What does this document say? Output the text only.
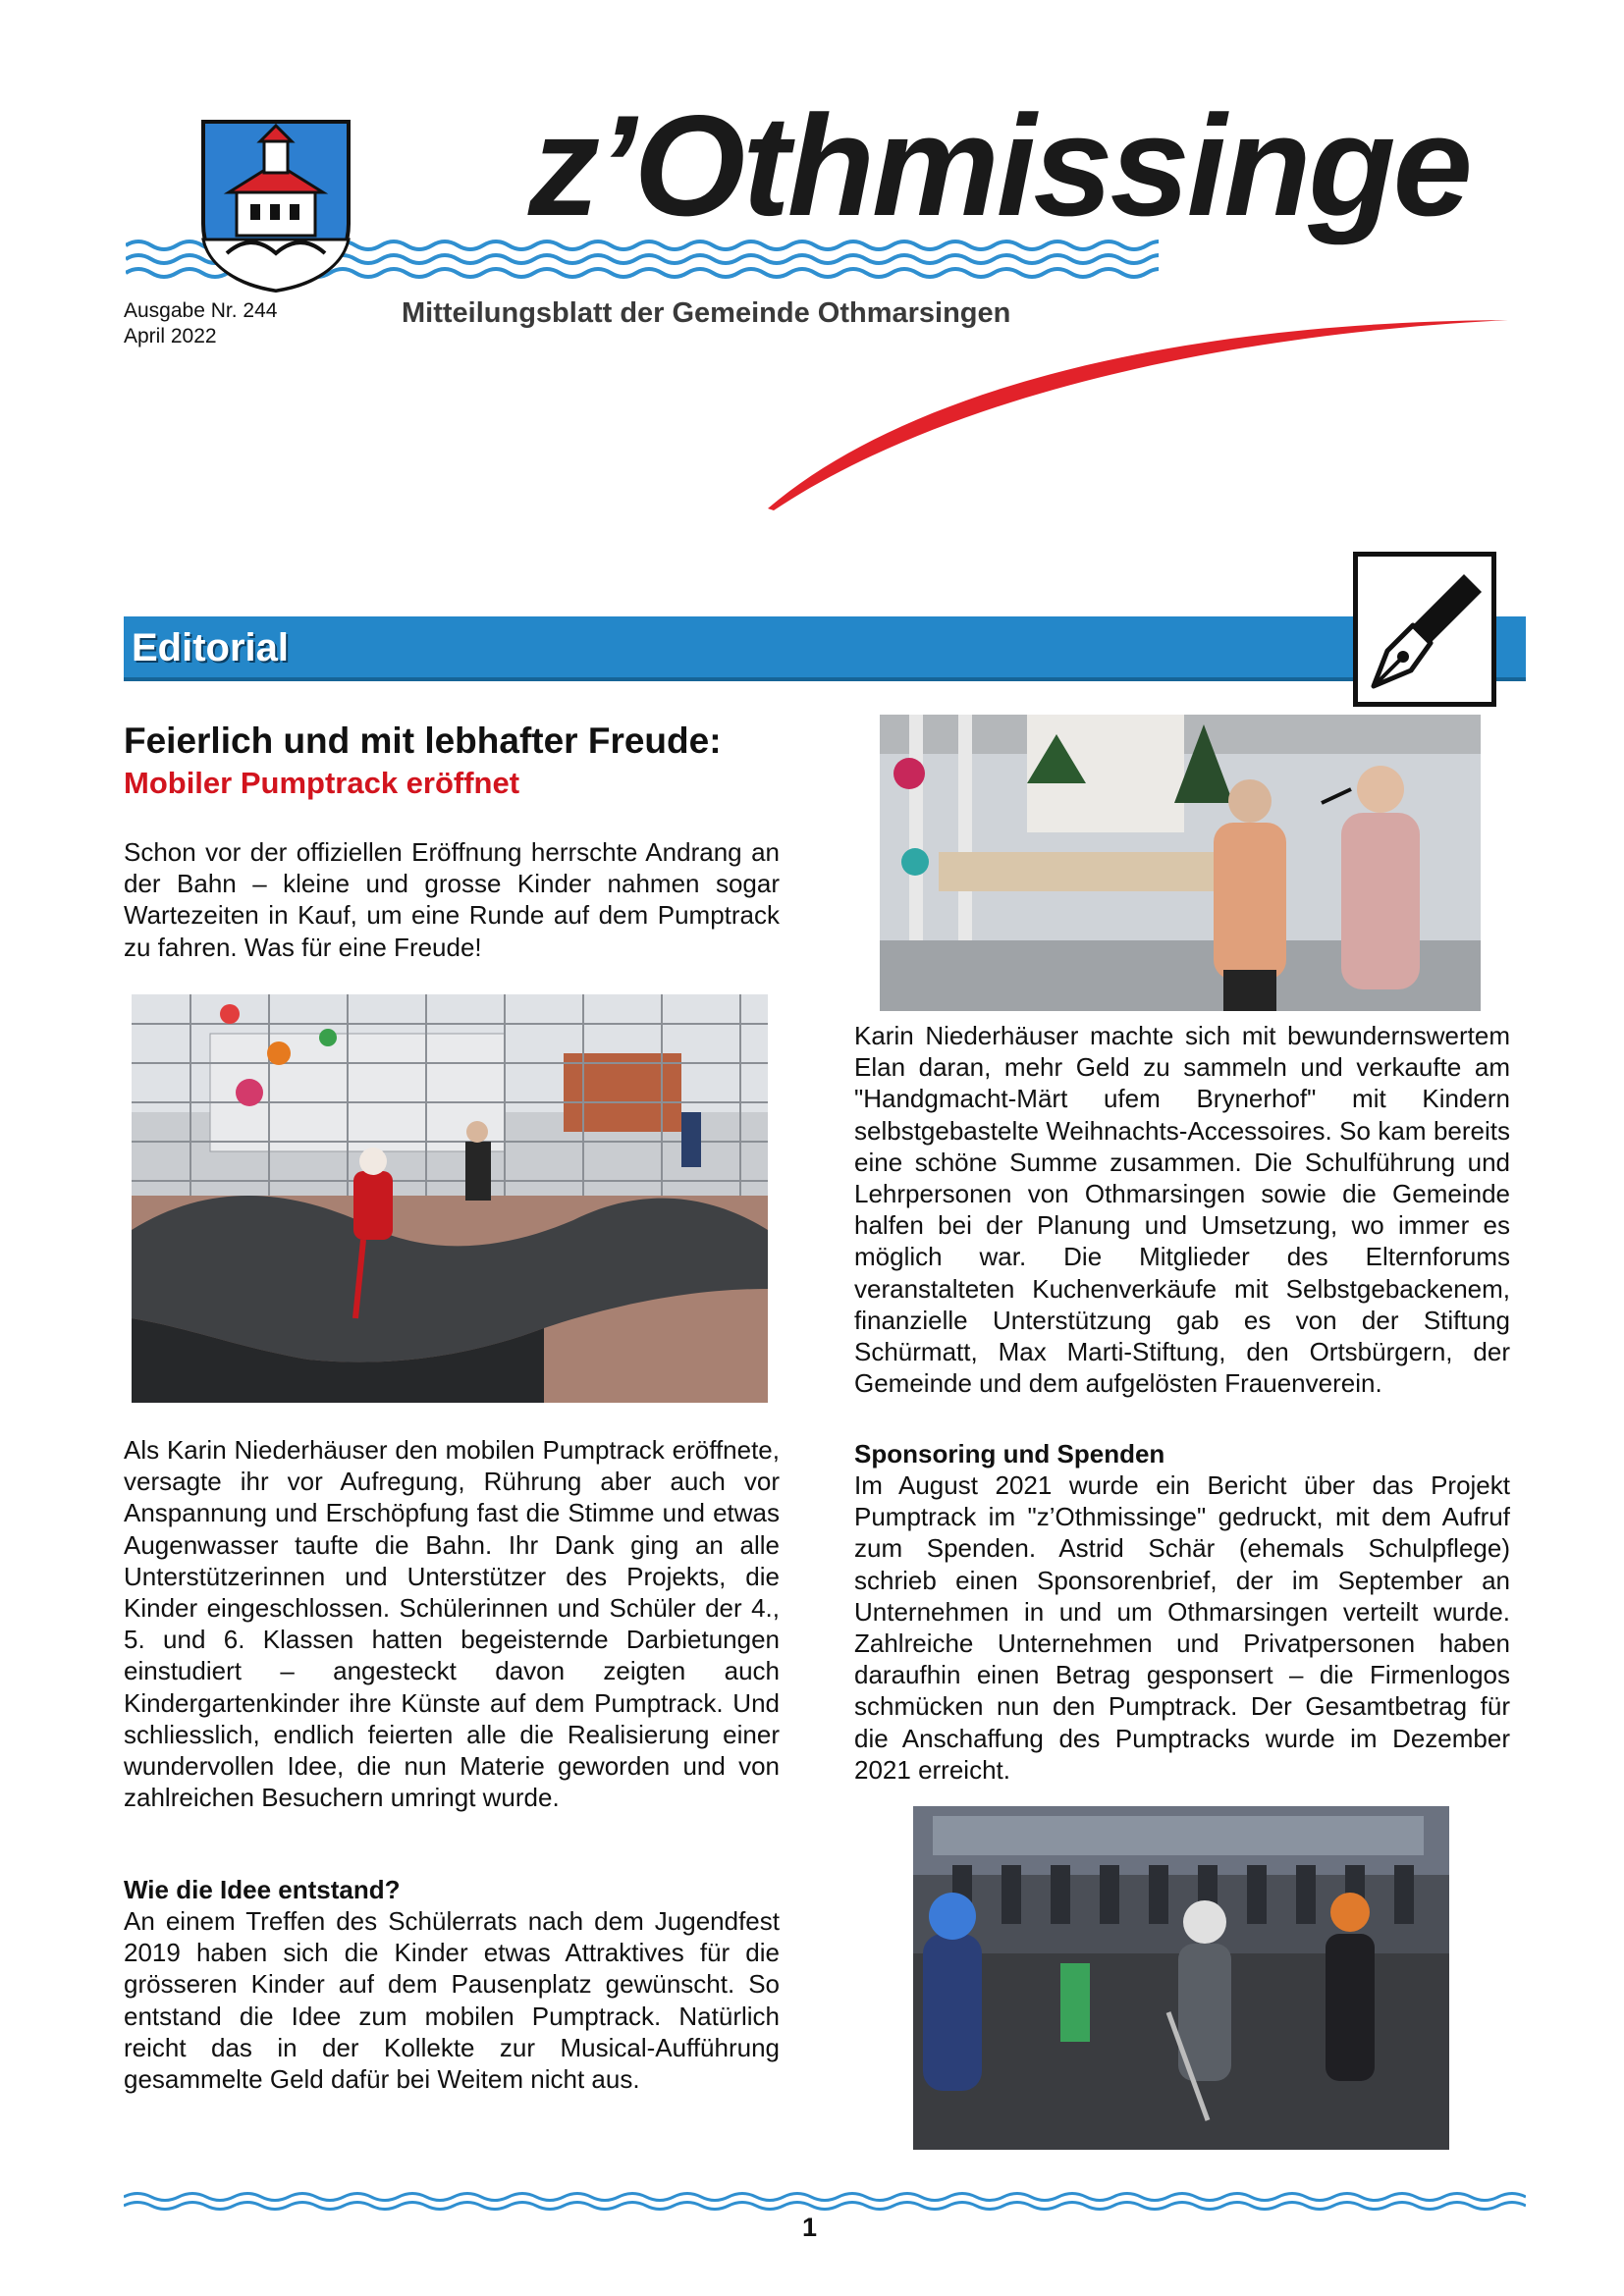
z’Othmissinge
Ausgabe Nr. 244
April 2022
Mitteilungsblatt der Gemeinde Othmarsingen
Editorial
Feierlich und mit lebhafter Freude:
Mobiler Pumptrack eröffnet

Schon vor der offiziellen Eröffnung herrschte Andrang an der Bahn – kleine und grosse Kinder nahmen sogar Wartezeiten in Kauf, um eine Runde auf dem Pumptrack zu fahren. Was für eine Freude!

Als Karin Niederhäuser den mobilen Pumptrack eröffnete, versagte ihr vor Aufregung, Rührung aber auch vor Anspannung und Erschöpfung fast die Stimme und etwas Augenwasser taufte die Bahn. Ihr Dank ging an alle Unterstützerinnen und Unterstützer des Projekts, die Kinder eingeschlossen. Schülerinnen und Schüler der 4., 5. und 6. Klassen hatten begeisternde Darbietungen einstudiert – angesteckt davon zeigten auch Kindergartenkinder ihre Künste auf dem Pumptrack. Und schliesslich, endlich feierten alle die Realisierung einer wundervollen Idee, die nun Materie geworden und von zahlreichen Besuchern umringt wurde.

Wie die Idee entstand?

An einem Treffen des Schülerrats nach dem Jugendfest 2019 haben sich die Kinder etwas Attraktives für die grösseren Kinder auf dem Pausenplatz gewünscht. So entstand die Idee zum mobilen Pumptrack. Natürlich reicht das in der Kollekte zur Musical-Aufführung gesammelte Geld dafür bei Weitem nicht aus.

Karin Niederhäuser machte sich mit bewundernswertem Elan daran, mehr Geld zu sammeln und verkaufte am "Handgmacht-Märt ufem Brynerhof" mit Kindern selbstgebastelte Weihnachts-Accessoires. So kam bereits eine schöne Summe zusammen. Die Schulführung und Lehrpersonen von Othmarsingen sowie die Gemeinde halfen bei der Planung und Umsetzung, wo immer es möglich war. Die Mitglieder des Elternforums veranstalteten Kuchenverkäufe mit Selbstgebackenem, finanzielle Unterstützung gab es von der Stiftung Schürmatt, Max Marti-Stiftung, den Ortsbürgern, der Gemeinde und dem aufgelösten Frauenverein.

Sponsoring und Spenden

Im August 2021 wurde ein Bericht über das Projekt Pumptrack im "z’Othmissinge" gedruckt, mit dem Aufruf zum Spenden. Astrid Schär (ehemals Schulpflege) schrieb einen Sponsorenbrief, der im September an Unternehmen in und um Othmarsingen verteilt wurde. Zahlreiche Unternehmen und Privatpersonen haben daraufhin einen Betrag gesponsert – die Firmenlogos schmücken nun den Pumptrack. Der Gesamtbetrag für die Anschaffung des Pumptracks wurde im Dezember 2021 erreicht.

1
